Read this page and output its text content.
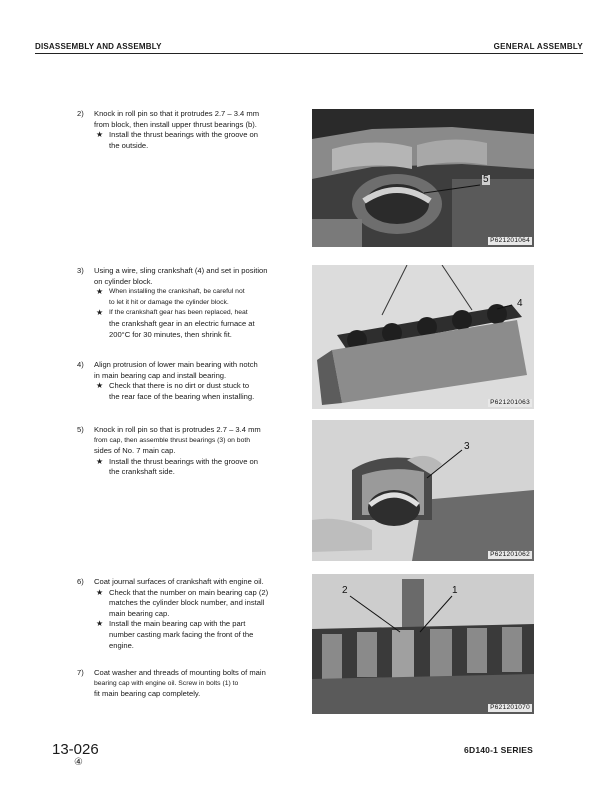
DISASSEMBLY AND ASSEMBLY	GENERAL ASSEMBLY
2) Knock in roll pin so that it protrudes 2.7 – 3.4 mm
from block, then install upper thrust bearings (b).
★ Install the thrust bearings with the groove on
the outside.
3) Using a wire, sling crankshaft (4) and set in position
on cylinder block.
★ When installing the crankshaft, be careful not
to let it hit or damage the cylinder block.
★ If the crankshaft gear has been replaced, heat
the crankshaft gear in an electric furnace at
200°C for 30 minutes, then shrink fit.
4) Align protrusion of lower main bearing with notch
in main bearing cap and install bearing.
★ Check that there is no dirt or dust stuck to
the rear face of the bearing when installing.
5) Knock in roll pin so that is protrudes 2.7 – 3.4 mm
from cap, then assemble thrust bearings (3) on both
sides of No. 7 main cap.
★ Install the thrust bearings with the groove on
the crankshaft side.
6) Coat journal surfaces of crankshaft with engine oil.
★ Check that the number on main bearing cap (2)
matches the cylinder block number, and install
main bearing cap.
★ Install the main bearing cap with the part
number casting mark facing the front of the
engine.
7) Coat washer and threads of mounting bolts of main
bearing cap with engine oil. Screw in bolts (1) to
fit main bearing cap completely.
5
P621201064
4
P621201063
3
P621201062
2	1
P621201070
13-026
④
6D140-1 SERIES
